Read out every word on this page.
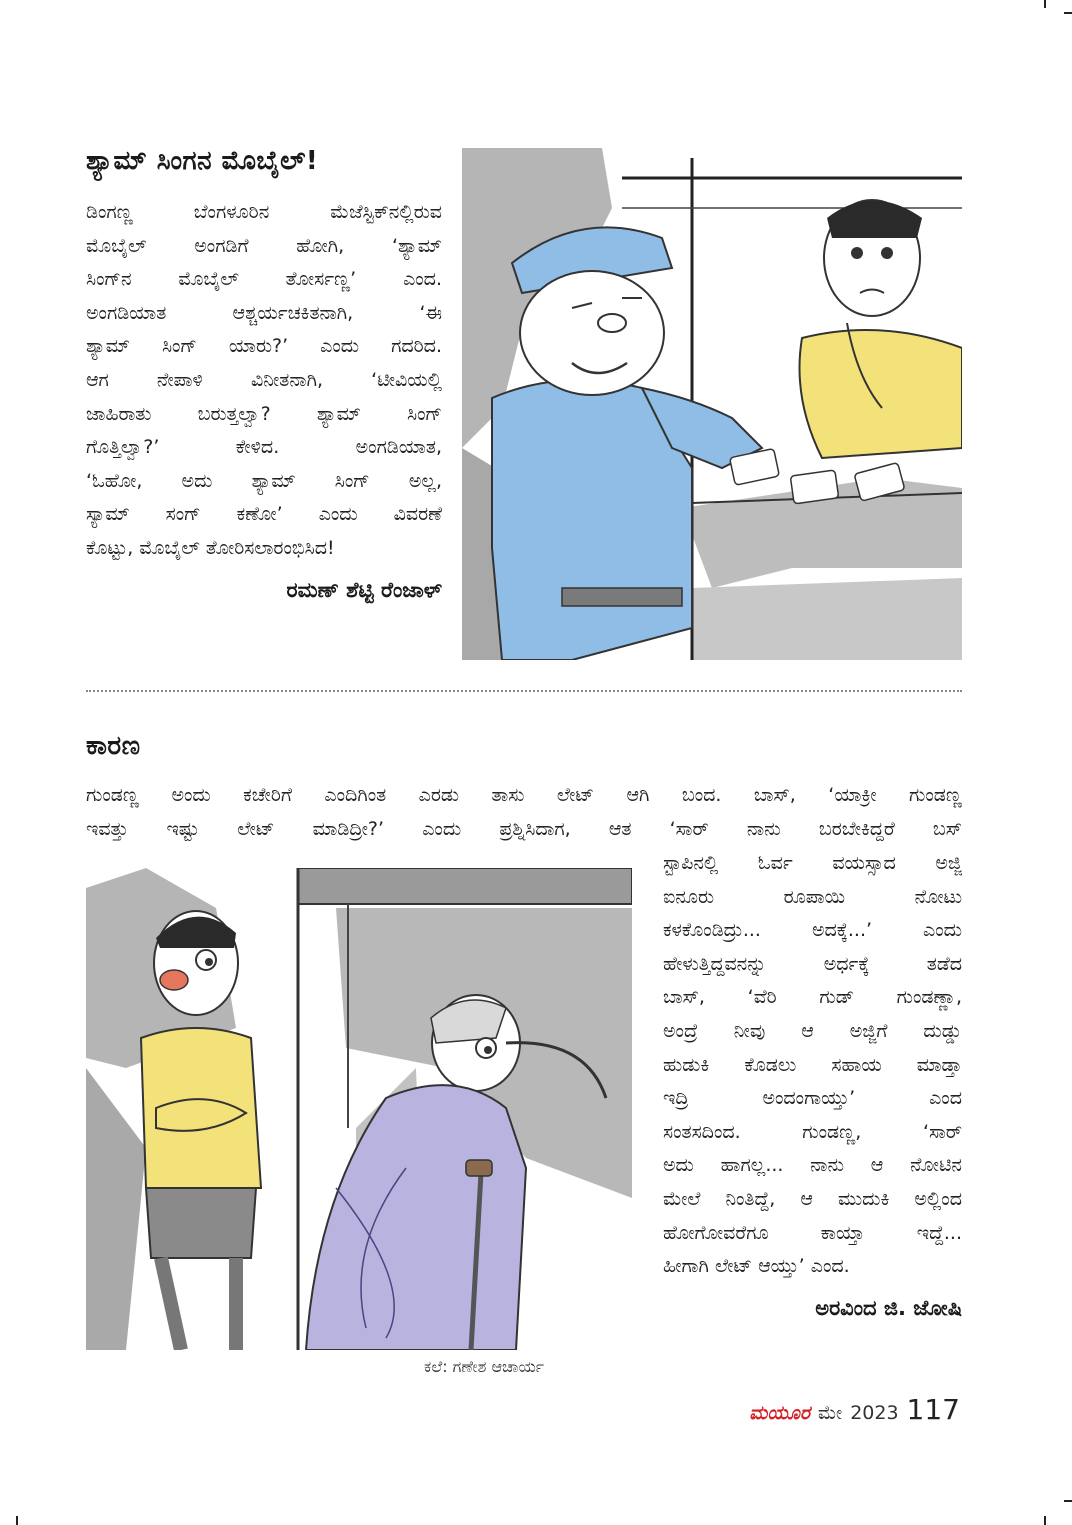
ಶ್ಯಾಮ್ ಸಿಂಗನ ಮೊಬೈಲ್!
ಡಿಂಗಣ್ಣ ಬೆಂಗಳೂರಿನ ಮೆಜೆಸ್ಟಿಕ್‌ನಲ್ಲಿರುವ
ಮೊಬೈಲ್ ಅಂಗಡಿಗೆ ಹೋಗಿ, ‘ಶ್ಯಾಮ್
ಸಿಂಗ್‌ನ ಮೊಬೈಲ್ ತೋರ್ಸಣ್ಣ’ ಎಂದ.
ಅಂಗಡಿಯಾತ ಆಶ್ಚರ್ಯಚಕಿತನಾಗಿ, ‘ಈ
ಶ್ಯಾಮ್ ಸಿಂಗ್ ಯಾರು?’ ಎಂದು ಗದರಿದ.
ಆಗ ನೇಪಾಳಿ ವಿನೀತನಾಗಿ, ‘ಟೀವಿಯಲ್ಲಿ
ಜಾಹಿರಾತು ಬರುತ್ತಲ್ವಾ? ಶ್ಯಾಮ್ ಸಿಂಗ್
ಗೊತ್ತಿಲ್ವಾ?’ ಕೇಳಿದ. ಅಂಗಡಿಯಾತ,
‘ಓಹೋ, ಅದು ಶ್ಯಾಮ್ ಸಿಂಗ್ ಅಲ್ಲ,
ಸ್ಯಾಮ್ ಸಂಗ್ ಕಣೋ’ ಎಂದು ವಿವರಣೆ
ಕೊಟ್ಟು, ಮೊಬೈಲ್ ತೋರಿಸಲಾರಂಭಿಸಿದ!
ರಮಣ್ ಶೆಟ್ಟಿ ರೆಂಜಾಳ್
ಕಾರಣ
ಗುಂಡಣ್ಣ ಅಂದು ಕಚೇರಿಗೆ ಎಂದಿಗಿಂತ ಎರಡು ತಾಸು ಲೇಟ್ ಆಗಿ ಬಂದ. ಬಾಸ್, ‘ಯಾಕ್ರೀ ಗುಂಡಣ್ಣ
ಇವತ್ತು ಇಷ್ಟು ಲೇಟ್ ಮಾಡಿದ್ರೀ?’ ಎಂದು ಪ್ರಶ್ನಿಸಿದಾಗ, ಆತ ‘ಸಾರ್ ನಾನು ಬರಬೇಕಿದ್ದರೆ ಬಸ್
ಸ್ಟಾಪಿನಲ್ಲಿ ಓರ್ವ ವಯಸ್ಸಾದ ಅಜ್ಜಿ
ಐನೂರು ರೂಪಾಯಿ ನೋಟು
ಕಳಕೊಂಡಿದ್ರು... ಅದಕ್ಕೆ...’ ಎಂದು
ಹೇಳುತ್ತಿದ್ದವನನ್ನು ಅರ್ಧಕ್ಕೆ ತಡೆದ
ಬಾಸ್, ‘ವೆರಿ ಗುಡ್ ಗುಂಡಣ್ಣಾ,
ಅಂದ್ರೆ ನೀವು ಆ ಅಜ್ಜಿಗೆ ದುಡ್ಡು
ಹುಡುಕಿ ಕೊಡಲು ಸಹಾಯ ಮಾಡ್ತಾ
ಇದ್ರಿ ಅಂದಂಗಾಯ್ತು’ ಎಂದ
ಸಂತಸದಿಂದ. ಗುಂಡಣ್ಣ, ‘ಸಾರ್
ಅದು ಹಾಗಲ್ಲ... ನಾನು ಆ ನೋಟಿನ
ಮೇಲೆ ನಿಂತಿದ್ದೆ, ಆ ಮುದುಕಿ ಅಲ್ಲಿಂದ
ಹೋಗೋವರೆಗೂ ಕಾಯ್ತಾ ಇದ್ದೆ...
ಹೀಗಾಗಿ ಲೇಟ್ ಆಯ್ತು’ ಎಂದ.
ಅರವಿಂದ ಜಿ. ಜೋಷಿ
ಕಲೆ: ಗಣೇಶ ಆಚಾರ್ಯ
ಮಯೂರ ಮೇ 2023 117
